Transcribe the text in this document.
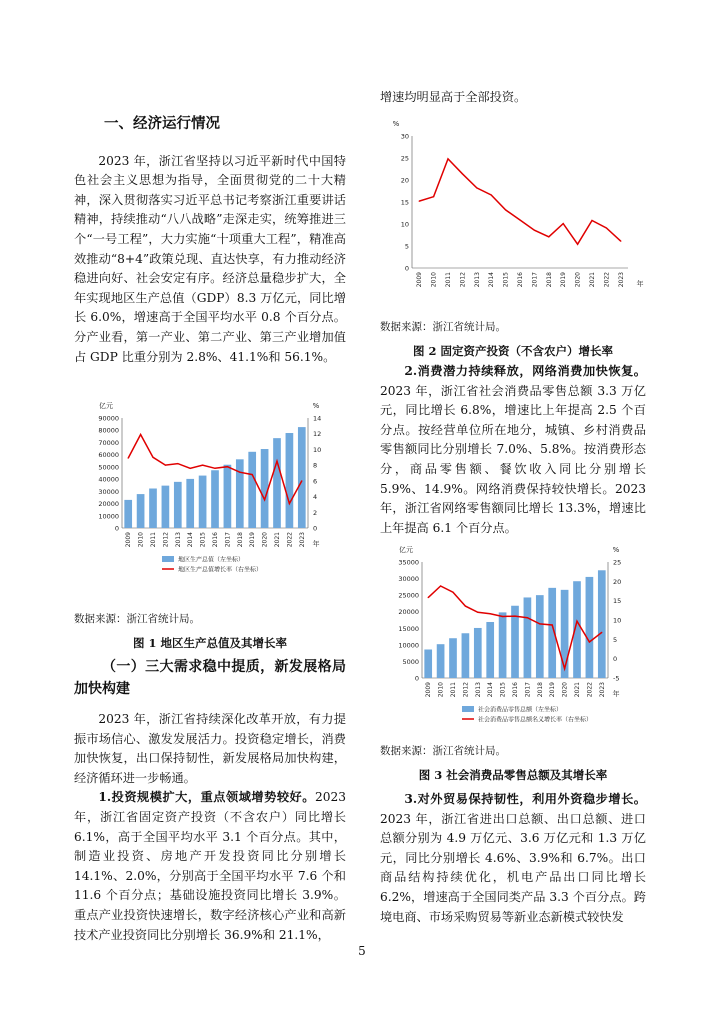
一、经济运行情况

2023 年，浙江省坚持以习近平新时代中国特色社会主义思想为指导，全面贯彻党的二十大精神，深入贯彻落实习近平总书记考察浙江重要讲话精神，持续推动“八八战略”走深走实，统筹推进三个“一号工程”，大力实施“十项重大工程”，精准高效推动“8+4”政策兑现、直达快享，有力推动经济稳进向好、社会安定有序。经济总量稳步扩大，全年实现地区生产总值（GDP）8.3 万亿元，同比增长 6.0%，增速高于全国平均水平 0.8 个百分点。分产业看，第一产业、第二产业、第三产业增加值占 GDP 比重分别为 2.8%、41.1%和 56.1%。

0
10000
20000
30000
40000
50000
60000
70000
80000
90000
亿元
0
2
4
6
8
10
12
14
%
2009 2010 2011 2012 2013 2014 2015 2016 2017 2018 2019 2020 2021 2022 2023 年
地区生产总值（左坐标）
地区生产总值增长率（右坐标）
数据来源：浙江省统计局。
图 1 地区生产总值及其增长率
（一）三大需求稳中提质，新发展格局加快构建

2023 年，浙江省持续深化改革开放，有力提振市场信心、激发发展活力。投资稳定增长，消费加快恢复，出口保持韧性，新发展格局加快构建，经济循环进一步畅通。

1.投资规模扩大，重点领域增势较好。2023 年，浙江省固定资产投资（不含农户）同比增长 6.1%，高于全国平均水平 3.1 个百分点。其中，制造业投资、房地产开发投资同比分别增长 14.1%、2.0%，分别高于全国平均水平 7.6 个和 11.6 个百分点；基础设施投资同比增长 3.9%。重点产业投资快速增长，数字经济核心产业和高新技术产业投资同比分别增长 36.9%和 21.1%，

增速均明显高于全部投资。

0
5
10
15
20
25
30
%
2009 2010 2011 2012 2013 2014 2015 2016 2017 2018 2019 2020 2021 2022 2023 年
数据来源：浙江省统计局。
图 2 固定资产投资（不含农户）增长率

2.消费潜力持续释放，网络消费加快恢复。2023 年，浙江省社会消费品零售总额 3.3 万亿元，同比增长 6.8%，增速比上年提高 2.5 个百分点。按经营单位所在地分，城镇、乡村消费品零售额同比分别增长 7.0%、5.8%。按消费形态分，商品零售额、餐饮收入同比分别增长 5.9%、14.9%。网络消费保持较快增长。2023 年，浙江省网络零售额同比增长 13.3%，增速比上年提高 6.1 个百分点。

0
5000
10000
15000
20000
25000
30000
35000
亿元
-5
0
5
10
15
20
25
%
2009 2010 2011 2012 2013 2014 2015 2016 2017 2018 2019 2020 2021 2022 2023 年
社会消费品零售总额（左坐标）
社会消费品零售总额名义增长率（右坐标）
数据来源：浙江省统计局。
图 3 社会消费品零售总额及其增长率

3.对外贸易保持韧性，利用外资稳步增长。2023 年，浙江省进出口总额、出口总额、进口总额分别为 4.9 万亿元、3.6 万亿元和 1.3 万亿元，同比分别增长 4.6%、3.9%和 6.7%。出口商品结构持续优化，机电产品出口同比增长 6.2%，增速高于全国同类产品 3.3 个百分点。跨境电商、市场采购贸易等新业态新模式较快发

5
